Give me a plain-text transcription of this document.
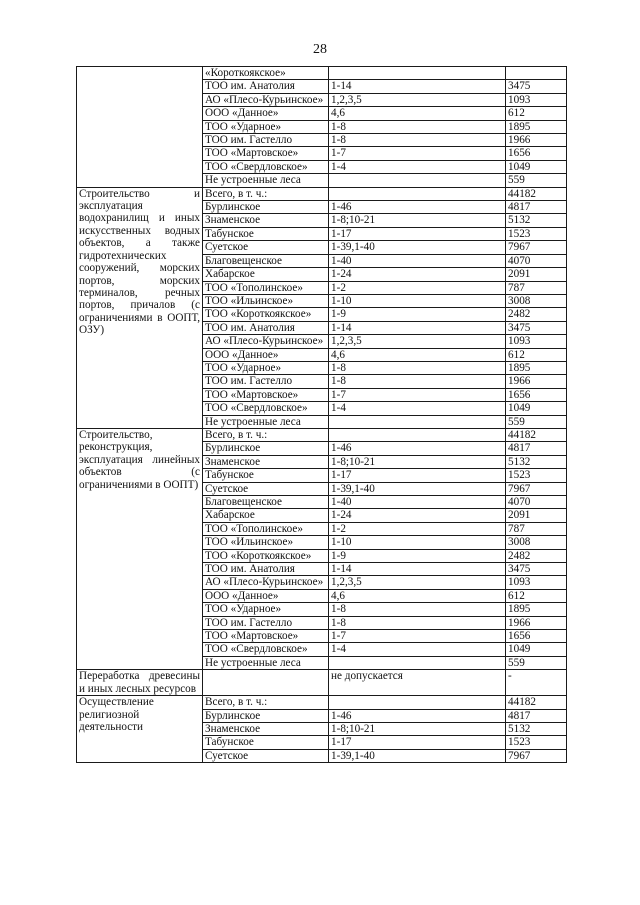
28
	«Короткоякское»		
	ТОО им. Анатолия	1-14	3475
	АО «Плесо-Курьинское»	1,2,3,5	1093
	ООО «Данное»	4,6	612
	ТОО «Ударное»	1-8	1895
	ТОО им. Гастелло	1-8	1966
	ТОО «Мартовское»	1-7	1656
	ТОО «Свердловское»	1-4	1049
	Не устроенные леса		559
Строительство и эксплуатация водохранилищ и иных искусственных водных объектов, а также гидротехнических сооружений, морских портов, морских терминалов, речных портов, причалов (с ограничениями в ООПТ, ОЗУ)	Всего, в т. ч.:		44182
	Бурлинское	1-46	4817
	Знаменское	1-8;10-21	5132
	Табунское	1-17	1523
	Суетское	1-39,1-40	7967
	Благовещенское	1-40	4070
	Хабарское	1-24	2091
	ТОО «Тополинское»	1-2	787
	ТОО «Ильинское»	1-10	3008
	ТОО «Короткоякское»	1-9	2482
	ТОО им. Анатолия	1-14	3475
	АО «Плесо-Курьинское»	1,2,3,5	1093
	ООО «Данное»	4,6	612
	ТОО «Ударное»	1-8	1895
	ТОО им. Гастелло	1-8	1966
	ТОО «Мартовское»	1-7	1656
	ТОО «Свердловское»	1-4	1049
	Не устроенные леса		559
Строительство, реконструкция, эксплуатация линейных объектов (с ограничениями в ООПТ)	Всего, в т. ч.:		44182
	Бурлинское	1-46	4817
	Знаменское	1-8;10-21	5132
	Табунское	1-17	1523
	Суетское	1-39,1-40	7967
	Благовещенское	1-40	4070
	Хабарское	1-24	2091
	ТОО «Тополинское»	1-2	787
	ТОО «Ильинское»	1-10	3008
	ТОО «Короткоякское»	1-9	2482
	ТОО им. Анатолия	1-14	3475
	АО «Плесо-Курьинское»	1,2,3,5	1093
	ООО «Данное»	4,6	612
	ТОО «Ударное»	1-8	1895
	ТОО им. Гастелло	1-8	1966
	ТОО «Мартовское»	1-7	1656
	ТОО «Свердловское»	1-4	1049
	Не устроенные леса		559
Переработка древесины и иных лесных ресурсов		не допускается	-
Осуществление религиозной деятельности	Всего, в т. ч.:		44182
	Бурлинское	1-46	4817
	Знаменское	1-8;10-21	5132
	Табунское	1-17	1523
	Суетское	1-39,1-40	7967
